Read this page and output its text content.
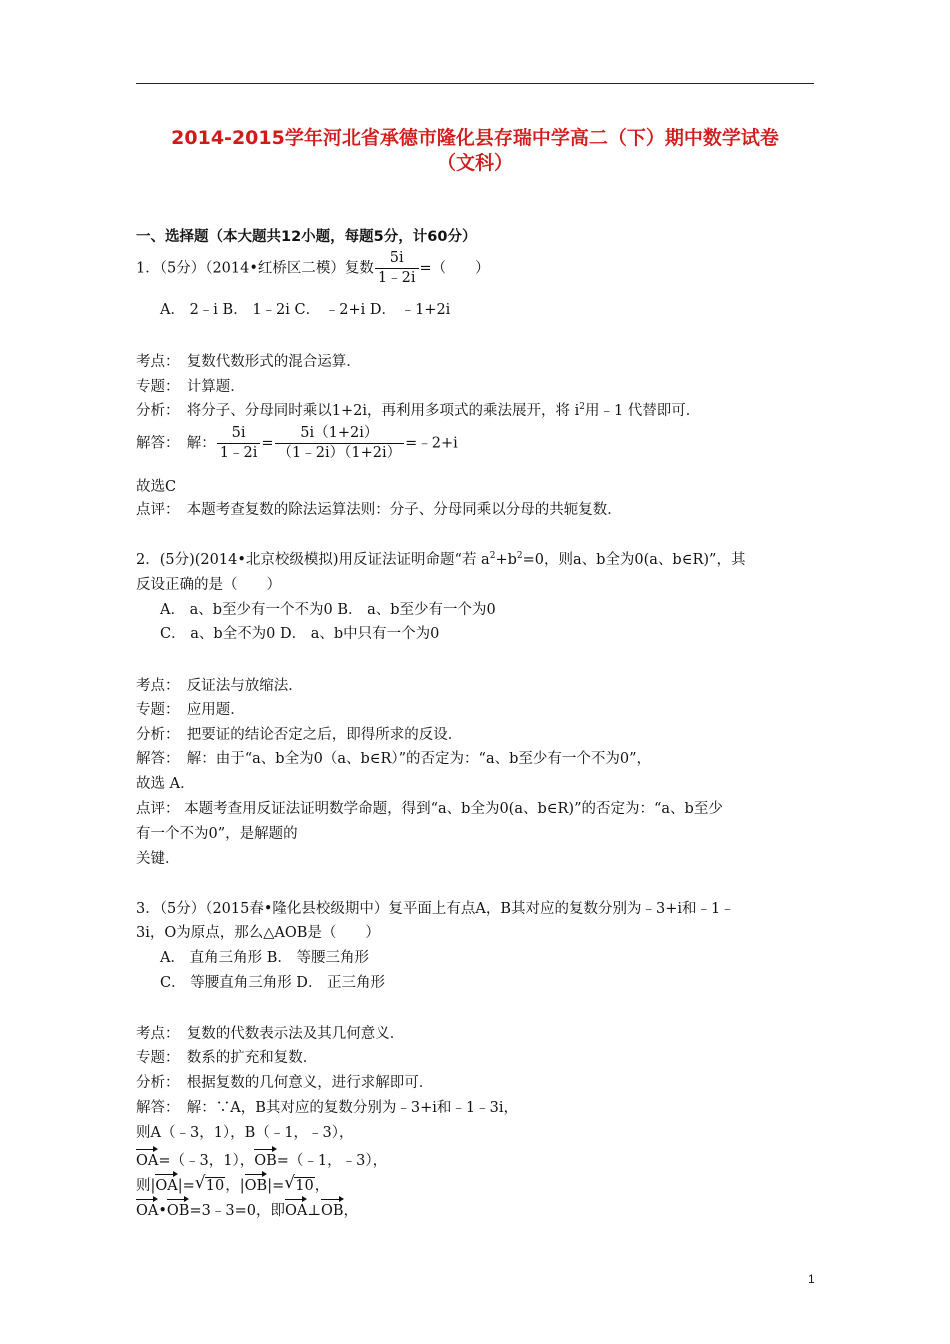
2014-2015学年河北省承德市隆化县存瑞中学高二（下）期中数学试卷
（文科）
一、选择题（本大题共12小题，每题5分，计60分）
1．（5分）（2014•红桥区二模）复数 $\frac{5i}{1﹣2i}$ =（　　）
A． 2﹣i B． 1﹣2i C． ﹣2+i D． ﹣1+2i
考点：　复数代数形式的混合运算．
专题：　计算题．
分析：　将分子、分母同时乘以1+2i，再利用多项式的乘法展开，将 $i^2$用﹣1 代替即可．
解答：　解： $\frac{5i}{1﹣2i} = \frac{5i(1+2i)}{(1﹣2i)(1+2i)}$ =﹣2+i
故选C
点评：　本题考查复数的除法运算法则：分子、分母同乘以分母的共轭复数．
2．(5分)(2014•北京校级模拟)用反证法证明命题“若 $a^2+b^2=0$，则a、b全为0(a、b∈R)”，其
反设正确的是（　　）
A． a、b至少有一个不为0 B． a、b至少有一个为0
C． a、b全不为0 D． a、b中只有一个为0
考点：　反证法与放缩法．
专题：　应用题．
分析：　把要证的结论否定之后，即得所求的反设．
解答：　解：由于“a、b全为0（a、b∈R）”的否定为：“a、b至少有一个不为0”，
故选 A．
点评： 本题考查用反证法证明数学命题，得到“a、b全为0(a、b∈R)”的否定为：“a、b至少
有一个不为0”，是解题的
关键．
3．（5分）（2015春•隆化县校级期中）复平面上有点A，B其对应的复数分别为﹣3+i和﹣1﹣
3i，O为原点，那么△AOB是（　　）
A． 直角三角形 B． 等腰三角形
C． 等腰直角三角形 D． 正三角形
考点：　复数的代数表示法及其几何意义．
专题：　数系的扩充和复数．
分析：　根据复数的几何意义，进行求解即可．
解答：　解：∵A，B其对应的复数分别为﹣3+i和﹣1﹣3i，
则A（﹣3，1），B（﹣1，﹣3），
OA=（﹣3，1），OB=（﹣1，﹣3），
则|OA|= √ 10，|OB|= √ 10，
OA•OB=3﹣3=0，即OA⊥OB，
1
